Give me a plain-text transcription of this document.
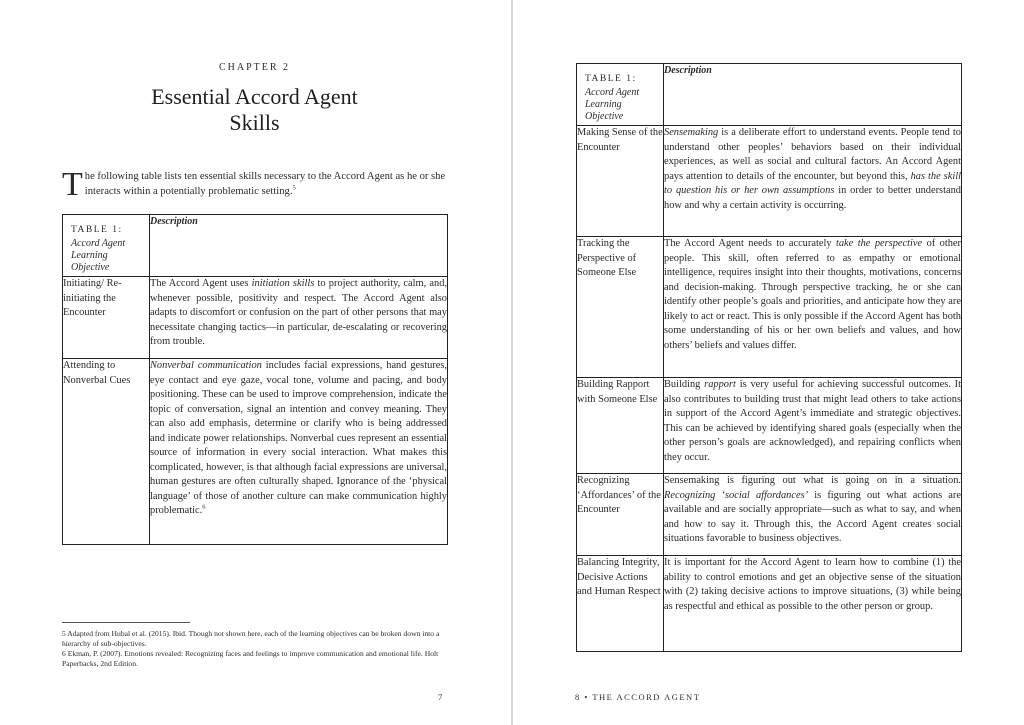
CHAPTER 2
Essential Accord Agent
Skills
The following table lists ten essential skills necessary to the Accord Agent as he or she interacts within a potentially problematic setting.$^5$
TABLE 1:
Accord Agent Learning Objective	Description
Initiating/ Re-initiating the Encounter	The Accord Agent uses initiation skills to project authority, calm, and, whenever possible, positivity and respect. The Accord Agent also adapts to discomfort or confusion on the part of other persons that may necessitate changing tactics—in particular, de-escalating or recovering from trouble.
Attending to Nonverbal Cues	Nonverbal communication includes facial expressions, hand gestures, eye contact and eye gaze, vocal tone, volume and pacing, and body positioning. These can be used to improve comprehension, indicate the topic of conversation, signal an intention and convey meaning. They can also add emphasis, determine or clarify who is being addressed and indicate power relationships. Nonverbal cues represent an essential source of information in every social interaction. What makes this complicated, however, is that although facial expressions are universal, human gestures are often culturally shaped. Ignorance of the ‘physical language’ of those of another culture can make communication highly problematic.$^6$

5 Adapted from Hubal et al. (2015). Ibid. Though not shown here, each of the learning objectives can be broken down into a hierarchy of sub-objectives.

6 Ekman, P. (2007). Emotions revealed: Recognizing faces and feelings to improve communication and emotional life. Holt Paperbacks, 2nd Edition.

7
TABLE 1:
Accord Agent Learning Objective	Description
Making Sense of the Encounter	Sensemaking is a deliberate effort to understand events. People tend to understand other peoples’ behaviors based on their individual experiences, as well as social and cultural factors. An Accord Agent pays attention to details of the encounter, but beyond this, has the skill to question his or her own assumptions in order to better understand how and why a certain activity is occurring.
Tracking the Perspective of Someone Else	The Accord Agent needs to accurately take the perspective of other people. This skill, often referred to as empathy or emotional intelligence, requires insight into their thoughts, motivations, concerns and decision-making. Through perspective tracking, he or she can identify other people’s goals and priorities, and anticipate how they are likely to act or react. This is only possible if the Accord Agent has both some understanding of his or her own beliefs and values, and how others’ beliefs and values differ.
Building Rapport with Someone Else	Building rapport is very useful for achieving successful outcomes. It also contributes to building trust that might lead others to take actions in support of the Accord Agent’s immediate and strategic objectives. This can be achieved by identifying shared goals (especially when the other person’s goals are acknowledged), and repairing conflicts when they occur.
Recognizing ‘Affordances’ of the Encounter	Sensemaking is figuring out what is going on in a situation. Recognizing ‘social affordances’ is figuring out what actions are available and are socially appropriate—such as what to say, and when and how to say it. Through this, the Accord Agent creates social situations favorable to business objectives.
Balancing Integrity, Decisive Actions and Human Respect	It is important for the Accord Agent to learn how to combine (1) the ability to control emotions and get an objective sense of the situation with (2) taking decisive actions to improve situations, (3) while being as respectful and ethical as possible to the other person or group.
8 • THE ACCORD AGENT
